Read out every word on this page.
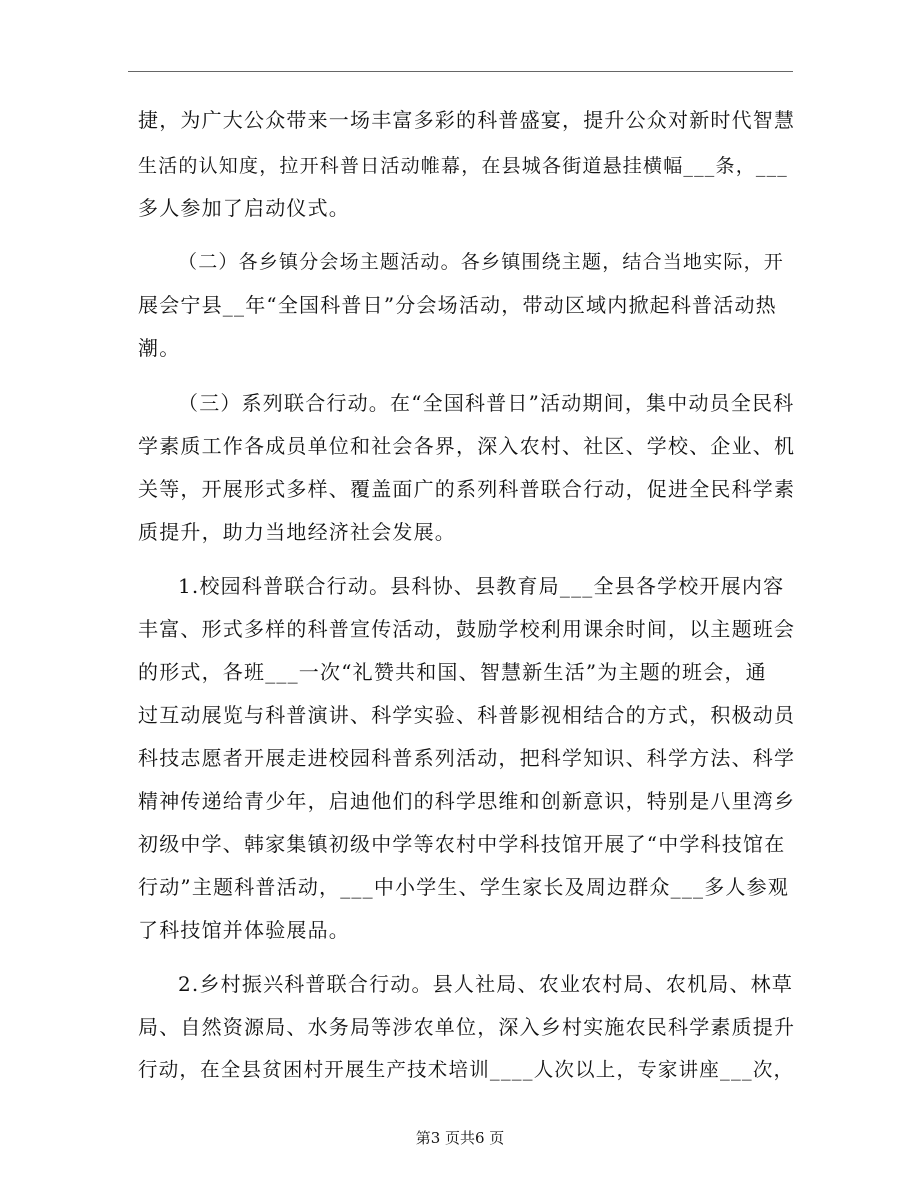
捷，为广大公众带来一场丰富多彩的科普盛宴，提升公众对新时代智慧
生活的认知度，拉开科普日活动帷幕，在县城各街道悬挂横幅___条，___
多人参加了启动仪式。
（二）各乡镇分会场主题活动。各乡镇围绕主题，结合当地实际，开
展会宁县__年“全国科普日”分会场活动，带动区域内掀起科普活动热
潮。
（三）系列联合行动。在“全国科普日”活动期间，集中动员全民科
学素质工作各成员单位和社会各界，深入农村、社区、学校、企业、机
关等，开展形式多样、覆盖面广的系列科普联合行动，促进全民科学素
质提升，助力当地经济社会发展。
1.校园科普联合行动。县科协、县教育局___全县各学校开展内容
丰富、形式多样的科普宣传活动，鼓励学校利用课余时间，以主题班会
的形式，各班___一次“礼赞共和国、智慧新生活”为主题的班会，通
过互动展览与科普演讲、科学实验、科普影视相结合的方式，积极动员
科技志愿者开展走进校园科普系列活动，把科学知识、科学方法、科学
精神传递给青少年，启迪他们的科学思维和创新意识，特别是八里湾乡
初级中学、韩家集镇初级中学等农村中学科技馆开展了“中学科技馆在
行动”主题科普活动，___中小学生、学生家长及周边群众___多人参观
了科技馆并体验展品。
2.乡村振兴科普联合行动。县人社局、农业农村局、农机局、林草
局、自然资源局、水务局等涉农单位，深入乡村实施农民科学素质提升
行动，在全县贫困村开展生产技术培训____人次以上，专家讲座___次，
第3 页共6 页
